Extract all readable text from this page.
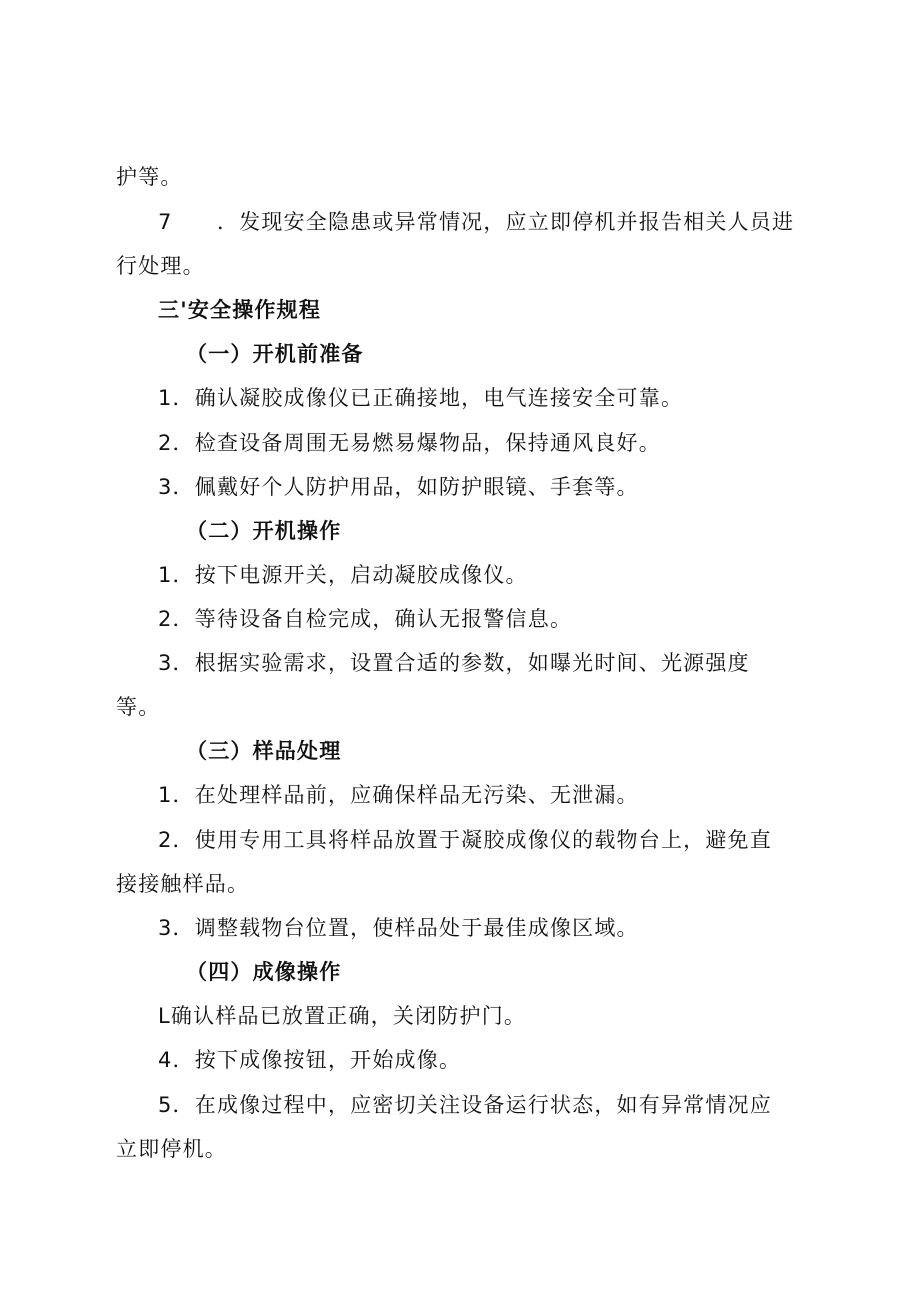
护等。
7　　．发现安全隐患或异常情况，应立即停机并报告相关人员进
行处理。
三'安全操作规程
（一）开机前准备
1．确认凝胶成像仪已正确接地，电气连接安全可靠。
2．检查设备周围无易燃易爆物品，保持通风良好。
3．佩戴好个人防护用品，如防护眼镜、手套等。
（二）开机操作
1．按下电源开关，启动凝胶成像仪。
2．等待设备自检完成，确认无报警信息。
3．根据实验需求，设置合适的参数，如曝光时间、光源强度
等。
（三）样品处理
1．在处理样品前，应确保样品无污染、无泄漏。
2．使用专用工具将样品放置于凝胶成像仪的载物台上，避免直
接接触样品。
3．调整载物台位置，使样品处于最佳成像区域。
（四）成像操作
L确认样品已放置正确，关闭防护门。
4．按下成像按钮，开始成像。
5．在成像过程中，应密切关注设备运行状态，如有异常情况应
立即停机。
